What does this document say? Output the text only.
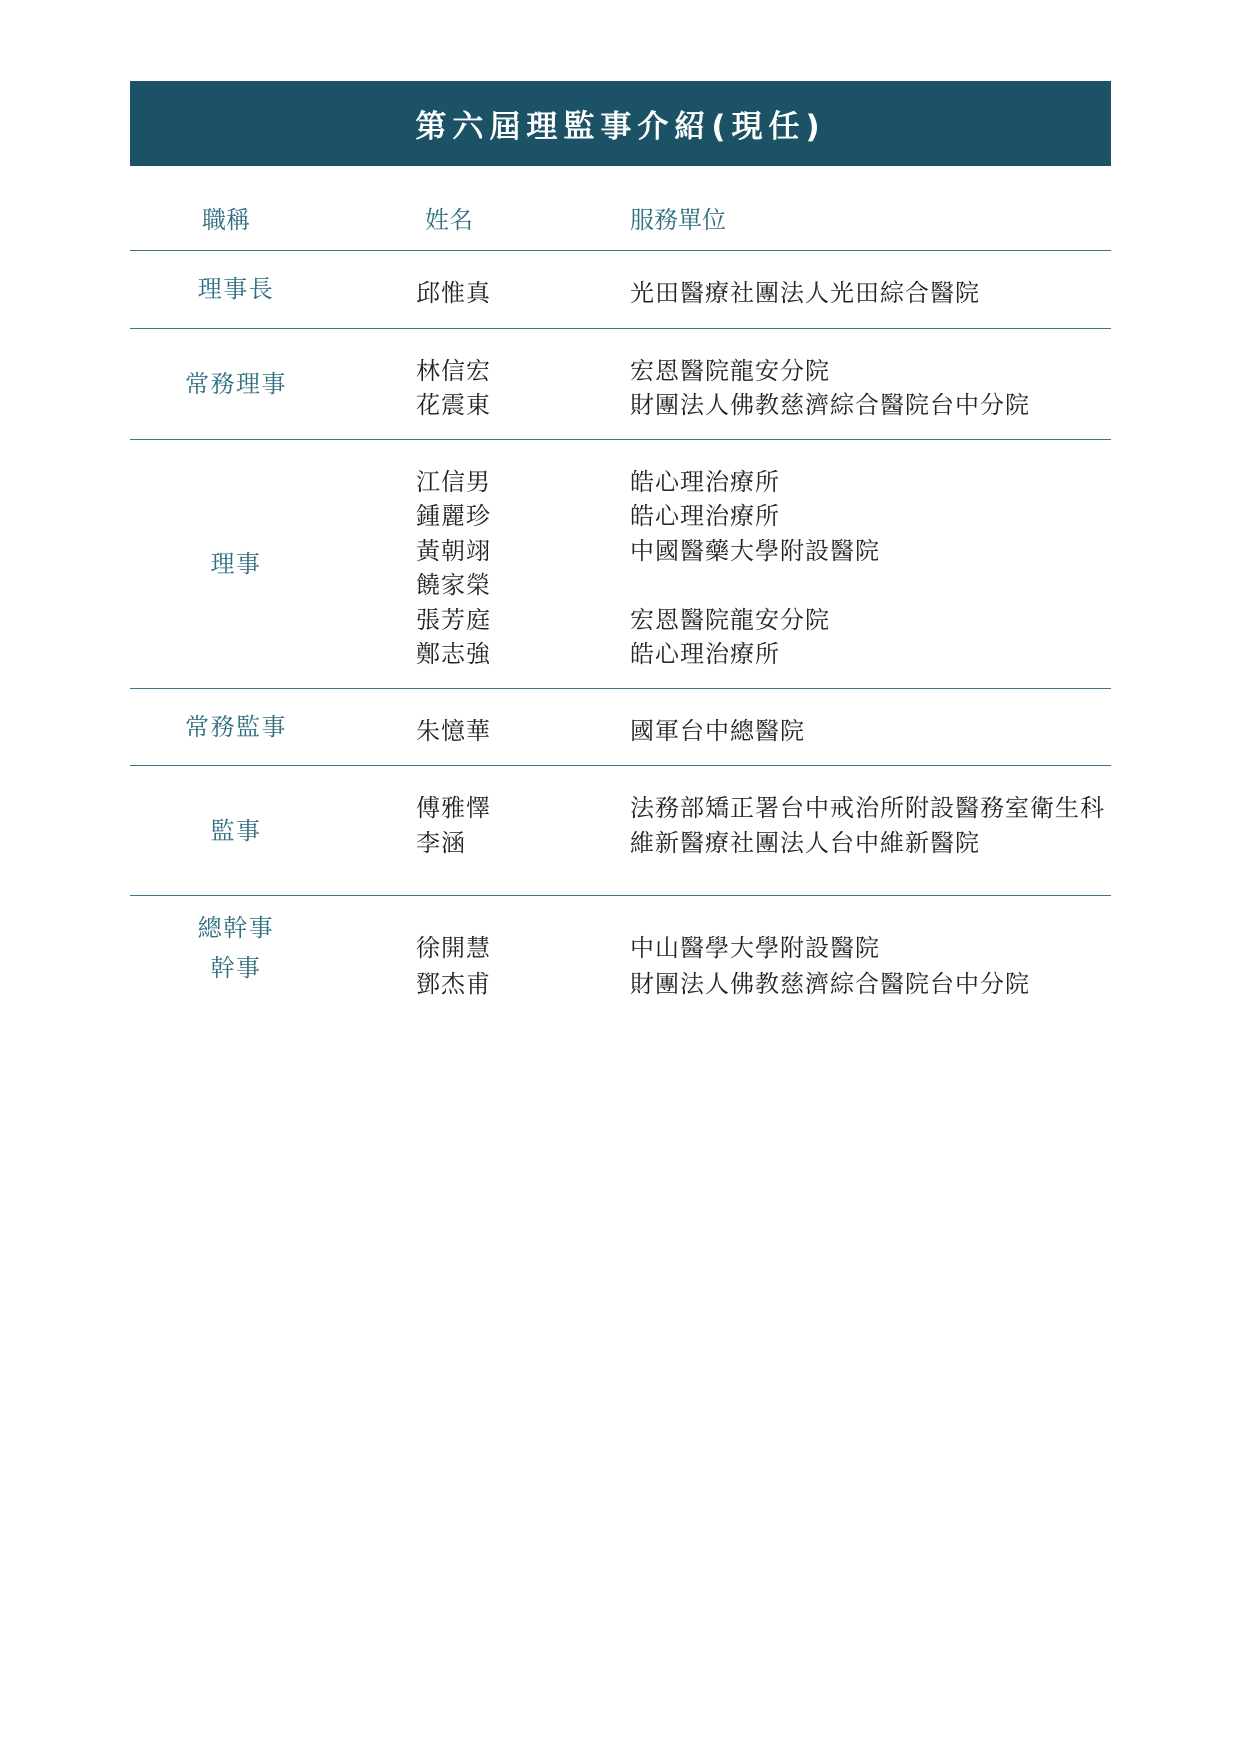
第六屆理監事介紹(現任)
職稱	姓名	服務單位
理事長	邱惟真	光田醫療社團法人光田綜合醫院
常務理事	林信宏	宏恩醫院龍安分院
花震東	財團法人佛教慈濟綜合醫院台中分院
理事
江信男	皓心理治療所
鍾麗珍	皓心理治療所
黃朝翊	中國醫藥大學附設醫院
饒家榮
張芳庭	宏恩醫院龍安分院
鄭志強	皓心理治療所
常務監事	朱憶華	國軍台中總醫院
監事
傅雅懌	法務部矯正署台中戒治所附設醫務室衛生科
李涵	維新醫療社團法人台中維新醫院
總幹事
幹事
徐開慧	中山醫學大學附設醫院
鄧杰甫	財團法人佛教慈濟綜合醫院台中分院
